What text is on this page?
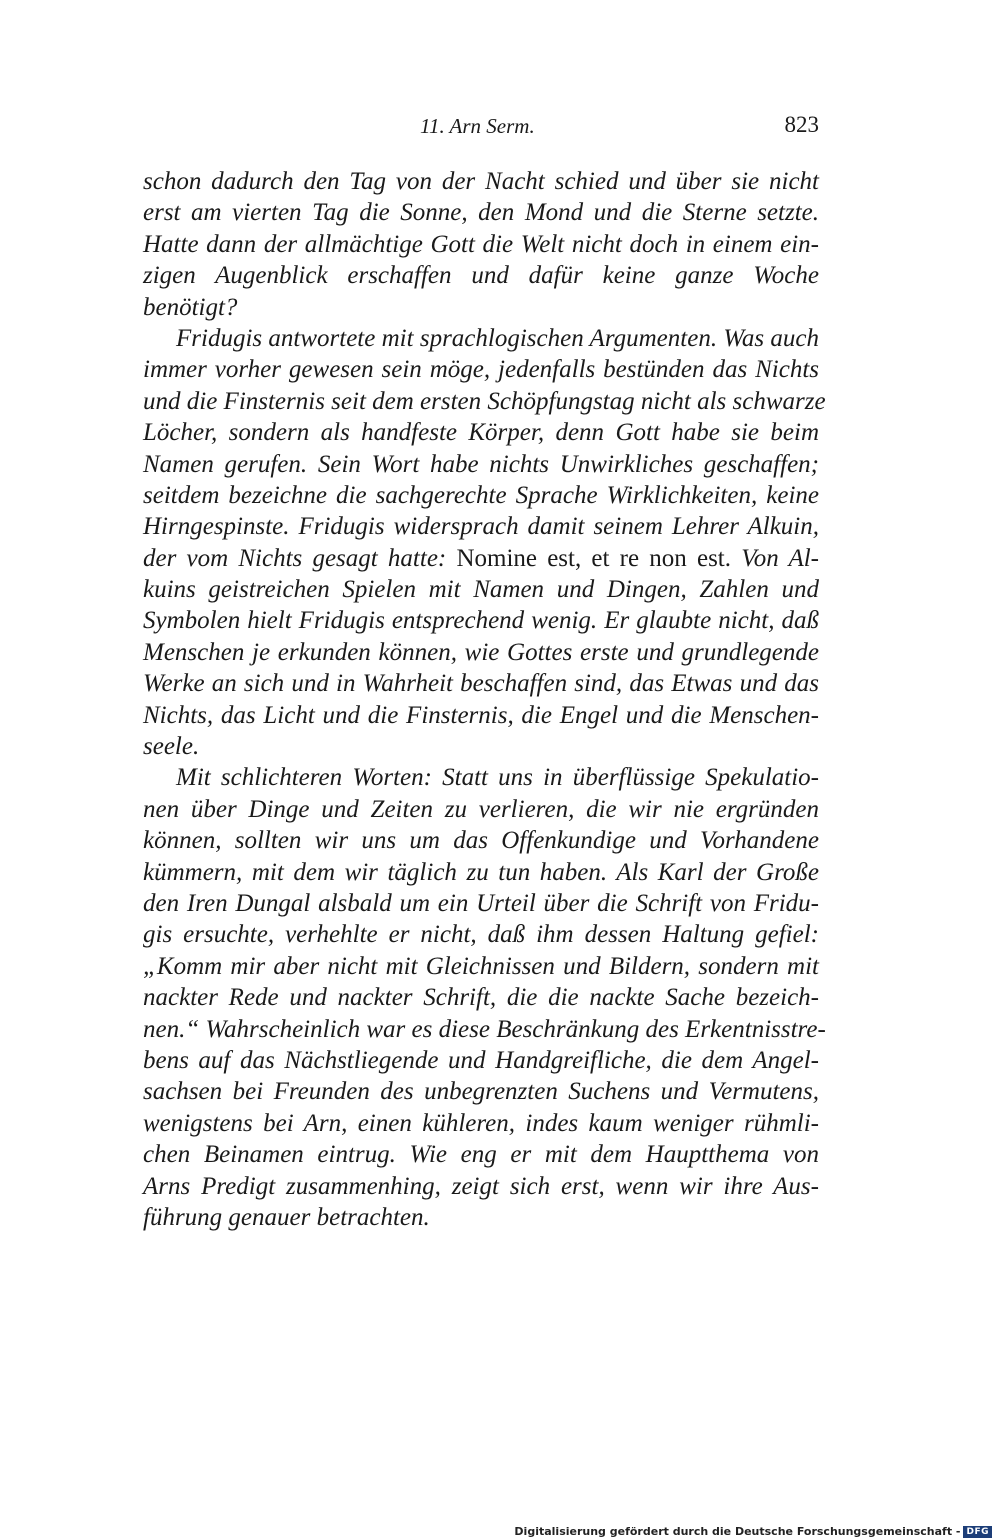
11. Arn Serm.	823
schon dadurch den Tag von der Nacht schied und über sie nicht
erst am vierten Tag die Sonne, den Mond und die Sterne setzte.
Hatte dann der allmächtige Gott die Welt nicht doch in einem ein-
zigen Augenblick erschaffen und dafür keine ganze Woche
benötigt?
Fridugis antwortete mit sprachlogischen Argumenten. Was auch
immer vorher gewesen sein möge, jedenfalls bestünden das Nichts
und die Finsternis seit dem ersten Schöpfungstag nicht als schwarze
Löcher, sondern als handfeste Körper, denn Gott habe sie beim
Namen gerufen. Sein Wort habe nichts Unwirkliches geschaffen;
seitdem bezeichne die sachgerechte Sprache Wirklichkeiten, keine
Hirngespinste. Fridugis widersprach damit seinem Lehrer Alkuin,
der vom Nichts gesagt hatte: Nomine est, et re non est. Von Al-
kuins geistreichen Spielen mit Namen und Dingen, Zahlen und
Symbolen hielt Fridugis entsprechend wenig. Er glaubte nicht, daß
Menschen je erkunden können, wie Gottes erste und grundlegende
Werke an sich und in Wahrheit beschaffen sind, das Etwas und das
Nichts, das Licht und die Finsternis, die Engel und die Menschen-
seele.
Mit schlichteren Worten: Statt uns in überflüssige Spekulatio-
nen über Dinge und Zeiten zu verlieren, die wir nie ergründen
können, sollten wir uns um das Offenkundige und Vorhandene
kümmern, mit dem wir täglich zu tun haben. Als Karl der Große
den Iren Dungal alsbald um ein Urteil über die Schrift von Fridu-
gis ersuchte, verhehlte er nicht, daß ihm dessen Haltung gefiel:
„Komm mir aber nicht mit Gleichnissen und Bildern, sondern mit
nackter Rede und nackter Schrift, die die nackte Sache bezeich-
nen.“ Wahrscheinlich war es diese Beschränkung des Erkentnisstre-
bens auf das Nächstliegende und Handgreifliche, die dem Angel-
sachsen bei Freunden des unbegrenzten Suchens und Vermutens,
wenigstens bei Arn, einen kühleren, indes kaum weniger rühmli-
chen Beinamen eintrug. Wie eng er mit dem Hauptthema von
Arns Predigt zusammenhing, zeigt sich erst, wenn wir ihre Aus-
führung genauer betrachten.
Digitalisierung gefördert durch die Deutsche Forschungsgemeinschaft - DFG
